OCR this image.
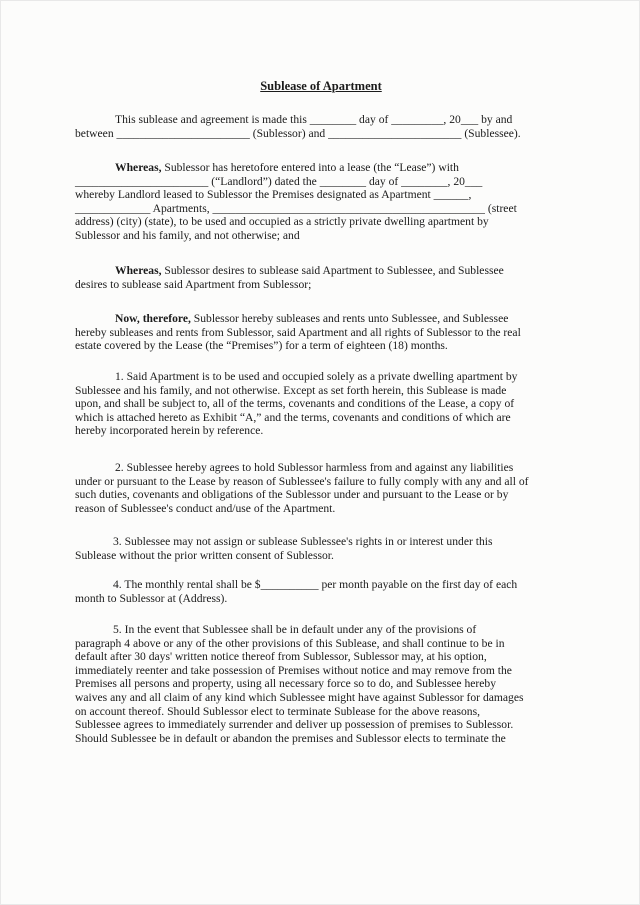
Sublease of Apartment

This sublease and agreement is made this ________ day of _________, 20___ by and
between _______________________ (Sublessor) and _______________________ (Sublessee).

Whereas, Sublessor has heretofore entered into a lease (the “Lease”) with
_______________________ (“Landlord”) dated the ________ day of ________, 20___
whereby Landlord leased to Sublessor the Premises designated as Apartment ______,
_____________ Apartments, _______________________________________________ (street
address) (city) (state), to be used and occupied as a strictly private dwelling apartment by
Sublessor and his family, and not otherwise; and

Whereas, Sublessor desires to sublease said Apartment to Sublessee, and Sublessee
desires to sublease said Apartment from Sublessor;

Now, therefore, Sublessor hereby subleases and rents unto Sublessee, and Sublessee
hereby subleases and rents from Sublessor, said Apartment and all rights of Sublessor to the real
estate covered by the Lease (the “Premises”) for a term of eighteen (18) months.

1. Said Apartment is to be used and occupied solely as a private dwelling apartment by
Sublessee and his family, and not otherwise. Except as set forth herein, this Sublease is made
upon, and shall be subject to, all of the terms, covenants and conditions of the Lease, a copy of
which is attached hereto as Exhibit “A,” and the terms, covenants and conditions of which are
hereby incorporated herein by reference.

2. Sublessee hereby agrees to hold Sublessor harmless from and against any liabilities
under or pursuant to the Lease by reason of Sublessee's failure to fully comply with any and all of
such duties, covenants and obligations of the Sublessor under and pursuant to the Lease or by
reason of Sublessee's conduct and/use of the Apartment.

3. Sublessee may not assign or sublease Sublessee's rights in or interest under this
Sublease without the prior written consent of Sublessor.

4. The monthly rental shall be $__________ per month payable on the first day of each
month to Sublessor at (Address).

5. In the event that Sublessee shall be in default under any of the provisions of
paragraph 4 above or any of the other provisions of this Sublease, and shall continue to be in
default after 30 days' written notice thereof from Sublessor, Sublessor may, at his option,
immediately reenter and take possession of Premises without notice and may remove from the
Premises all persons and property, using all necessary force so to do, and Sublessee hereby
waives any and all claim of any kind which Sublessee might have against Sublessor for damages
on account thereof. Should Sublessor elect to terminate Sublease for the above reasons,
Sublessee agrees to immediately surrender and deliver up possession of premises to Sublessor.
Should Sublessee be in default or abandon the premises and Sublessor elects to terminate the
